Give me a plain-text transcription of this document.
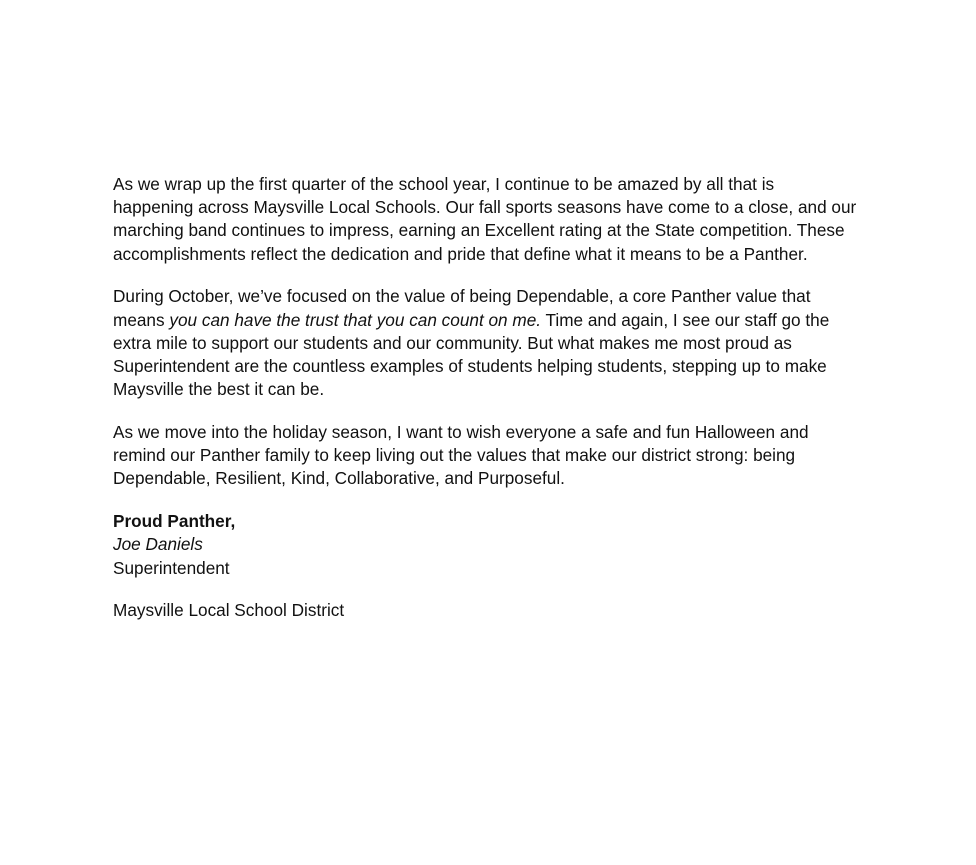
As we wrap up the first quarter of the school year, I continue to be amazed by all that is happening across Maysville Local Schools. Our fall sports seasons have come to a close, and our marching band continues to impress, earning an Excellent rating at the State competition. These accomplishments reflect the dedication and pride that define what it means to be a Panther.

During October, we’ve focused on the value of being Dependable, a core Panther value that means you can have the trust that you can count on me. Time and again, I see our staff go the extra mile to support our students and our community. But what makes me most proud as Superintendent are the countless examples of students helping students, stepping up to make Maysville the best it can be.

As we move into the holiday season, I want to wish everyone a safe and fun Halloween and remind our Panther family to keep living out the values that make our district strong: being Dependable, Resilient, Kind, Collaborative, and Purposeful.

Proud Panther,
Joe Daniels
Superintendent

Maysville Local School District
